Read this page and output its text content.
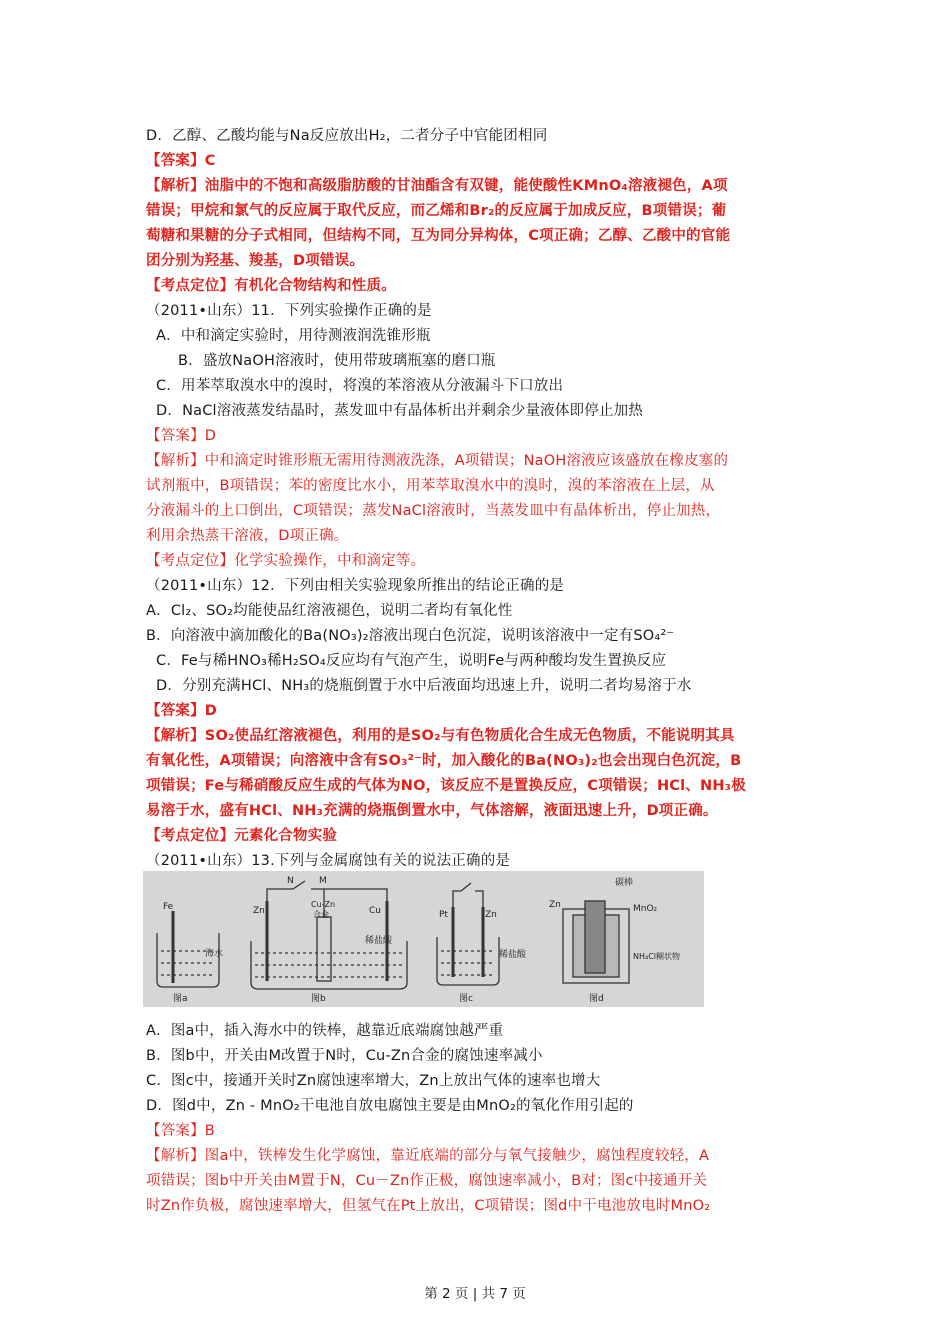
D．乙醇、乙酸均能与Na反应放出H₂，二者分子中官能团相同
【答案】C
【解析】油脂中的不饱和高级脂肪酸的甘油酯含有双键，能使酸性KMnO₄溶液褪色，A项
错误；甲烷和氯气的反应属于取代反应，而乙烯和Br₂的反应属于加成反应，B项错误；葡
萄糖和果糖的分子式相同，但结构不同，互为同分异构体，C项正确；乙醇、乙酸中的官能
团分别为羟基、羧基，D项错误。
【考点定位】有机化合物结构和性质。
（2011•山东）11．下列实验操作正确的是
A．中和滴定实验时，用待测液润洗锥形瓶
B．盛放NaOH溶液时，使用带玻璃瓶塞的磨口瓶
C．用苯萃取溴水中的溴时，将溴的苯溶液从分液漏斗下口放出
D．NaCl溶液蒸发结晶时，蒸发皿中有晶体析出并剩余少量液体即停止加热
【答案】D
【解析】中和滴定时锥形瓶无需用待测液洗涤，A项错误；NaOH溶液应该盛放在橡皮塞的
试剂瓶中，B项错误；苯的密度比水小，用苯萃取溴水中的溴时，溴的苯溶液在上层，从
分液漏斗的上口倒出，C项错误；蒸发NaCl溶液时，当蒸发皿中有晶体析出，停止加热，
利用余热蒸干溶液，D项正确。
【考点定位】化学实验操作，中和滴定等。
（2011•山东）12．下列由相关实验现象所推出的结论正确的是
A．Cl₂、SO₂均能使品红溶液褪色，说明二者均有氧化性
B．向溶液中滴加酸化的Ba(NO₃)₂溶液出现白色沉淀，说明该溶液中一定有SO₄²⁻
C．Fe与稀HNO₃稀H₂SO₄反应均有气泡产生，说明Fe与两种酸均发生置换反应
D．分别充满HCl、NH₃的烧瓶倒置于水中后液面均迅速上升，说明二者均易溶于水
【答案】D
【解析】SO₂使品红溶液褪色，利用的是SO₂与有色物质化合生成无色物质，不能说明其具
有氧化性，A项错误；向溶液中含有SO₃²⁻时，加入酸化的Ba(NO₃)₂也会出现白色沉淀，B
项错误；Fe与稀硝酸反应生成的气体为NO，该反应不是置换反应，C项错误；HCl、NH₃极
易溶于水，盛有HCl、NH₃充满的烧瓶倒置水中，气体溶解，液面迅速上升，D项正确。
【考点定位】元素化合物实验
（2011•山东）13.下列与金属腐蚀有关的说法正确的是
Fe
海水
图a
N	M
Zn
Cu-Zn
合金	Cu
稀盐酸
图b
Pt	Zn
稀盐酸
图c
Zn
碳棒
MnO₂
NH₄Cl糊状物
图d
A．图a中，插入海水中的铁棒，越靠近底端腐蚀越严重
B．图b中，开关由M改置于N时，Cu-Zn合金的腐蚀速率减小
C．图c中，接通开关时Zn腐蚀速率增大，Zn上放出气体的速率也增大
D．图d中，Zn - MnO₂干电池自放电腐蚀主要是由MnO₂的氧化作用引起的
【答案】B
【解析】图a中，铁棒发生化学腐蚀，靠近底端的部分与氧气接触少，腐蚀程度较轻，A
项错误；图b中开关由M置于N，Cu－Zn作正极，腐蚀速率减小，B对；图c中接通开关
时Zn作负极，腐蚀速率增大，但氢气在Pt上放出，C项错误；图d中干电池放电时MnO₂
第 2 页 | 共 7 页
